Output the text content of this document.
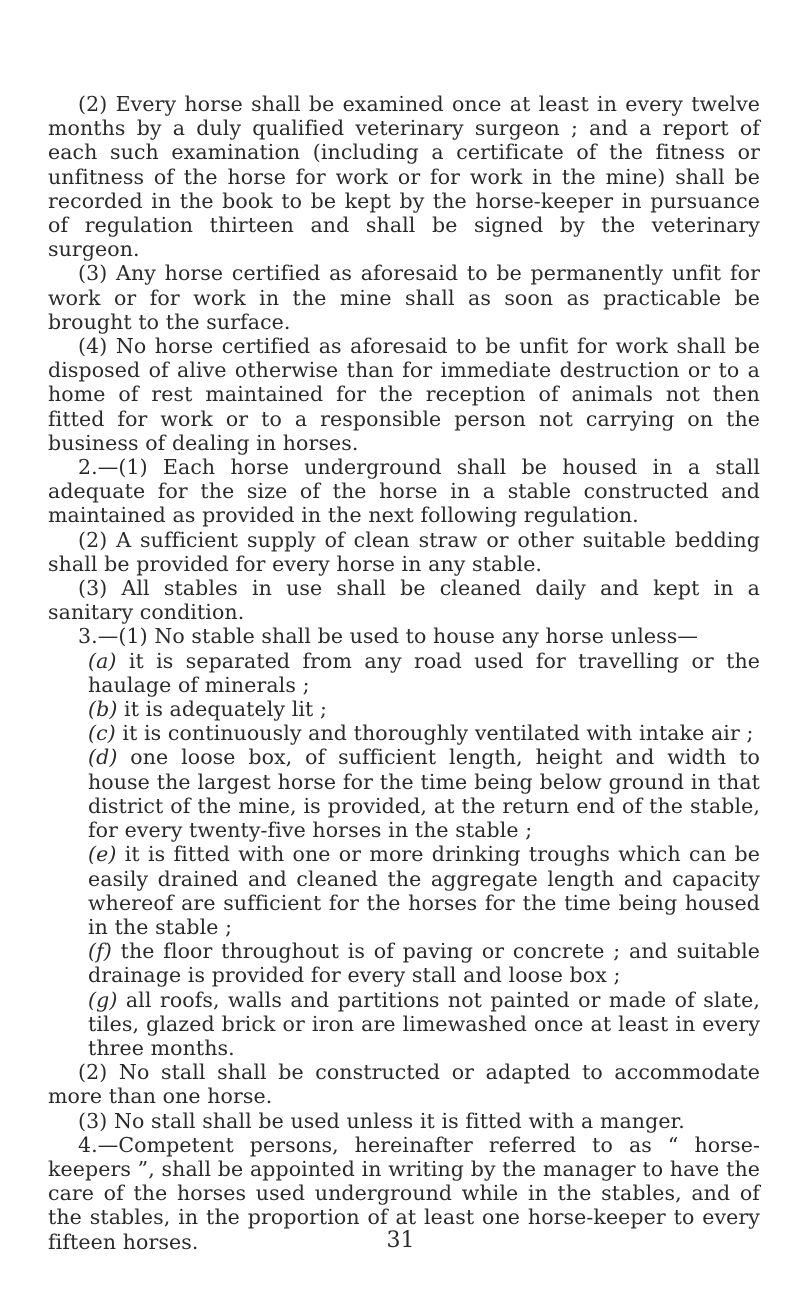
(2) Every horse shall be examined once at least in every twelve months by a duly qualified veterinary surgeon ; and a report of each such examination (including a certificate of the fitness or unfitness of the horse for work or for work in the mine) shall be recorded in the book to be kept by the horse-keeper in pursuance of regulation thirteen and shall be signed by the veterinary surgeon.

(3) Any horse certified as aforesaid to be permanently unfit for work or for work in the mine shall as soon as practicable be brought to the surface.

(4) No horse certified as aforesaid to be unfit for work shall be disposed of alive otherwise than for immediate destruction or to a home of rest maintained for the reception of animals not then fitted for work or to a responsible person not carrying on the business of dealing in horses.

2.—(1) Each horse underground shall be housed in a stall adequate for the size of the horse in a stable constructed and maintained as provided in the next following regulation.

(2) A sufficient supply of clean straw or other suitable bedding shall be provided for every horse in any stable.

(3) All stables in use shall be cleaned daily and kept in a sanitary condition.

3.—(1) No stable shall be used to house any horse unless—

(a) it is separated from any road used for travelling or the haulage of minerals ;

(b) it is adequately lit ;

(c) it is continuously and thoroughly ventilated with intake air ;

(d) one loose box, of sufficient length, height and width to house the largest horse for the time being below ground in that district of the mine, is provided, at the return end of the stable, for every twenty-five horses in the stable ;

(e) it is fitted with one or more drinking troughs which can be easily drained and cleaned the aggregate length and capacity whereof are sufficient for the horses for the time being housed in the stable ;

(f) the floor throughout is of paving or concrete ; and suitable drainage is provided for every stall and loose box ;

(g) all roofs, walls and partitions not painted or made of slate, tiles, glazed brick or iron are limewashed once at least in every three months.

(2) No stall shall be constructed or adapted to accommodate more than one horse.

(3) No stall shall be used unless it is fitted with a manger.

4.—Competent persons, hereinafter referred to as “ horse-keepers ”, shall be appointed in writing by the manager to have the care of the horses used underground while in the stables, and of the stables, in the proportion of at least one horse-keeper to every fifteen horses.	31
